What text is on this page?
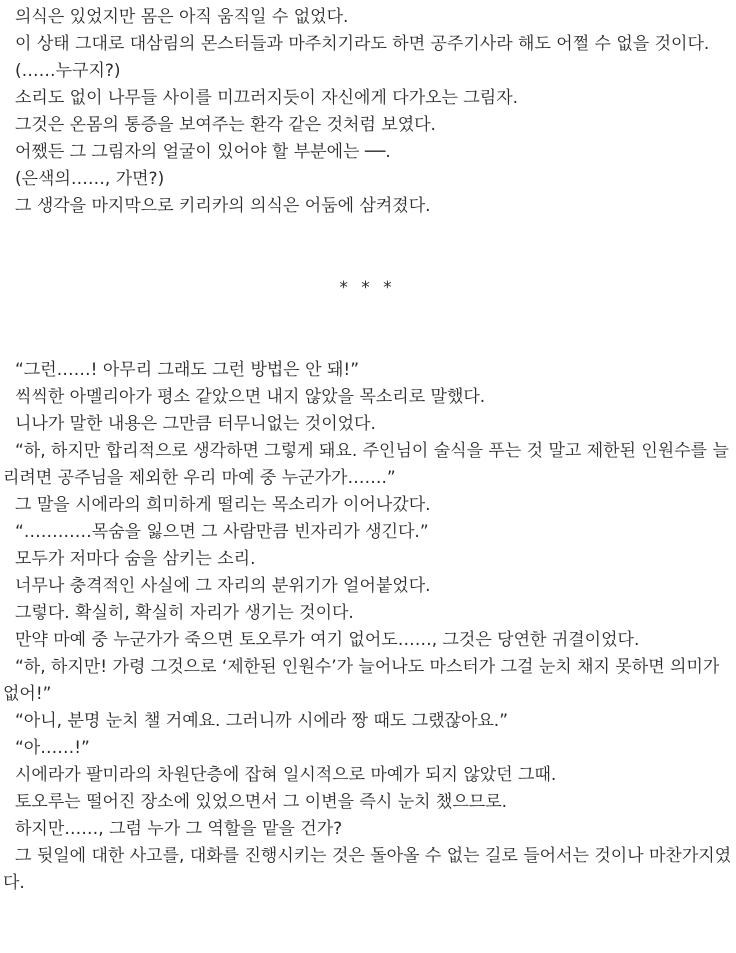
의식은 있었지만 몸은 아직 움직일 수 없었다.

이 상태 그대로 대삼림의 몬스터들과 마주치기라도 하면 공주기사라 해도 어쩔 수 없을 것이다.

(……누구지?)

소리도 없이 나무들 사이를 미끄러지듯이 자신에게 다가오는 그림자.

그것은 온몸의 통증을 보여주는 환각 같은 것처럼 보였다.

어쨌든 그 그림자의 얼굴이 있어야 할 부분에는 ──.

(은색의……, 가면?)

그 생각을 마지막으로 키리카의 의식은 어둠에 삼켜졌다.

* * *

“그런……! 아무리 그래도 그런 방법은 안 돼!”

씩씩한 아멜리아가 평소 같았으면 내지 않았을 목소리로 말했다.

니나가 말한 내용은 그만큼 터무니없는 것이었다.

“하, 하지만 합리적으로 생각하면 그렇게 돼요. 주인님이 술식을 푸는 것 말고 제한된 인원수를 늘리려면 공주님을 제외한 우리 마예 중 누군가가…….”

그 말을 시에라의 희미하게 떨리는 목소리가 이어나갔다.

“…………목숨을 잃으면 그 사람만큼 빈자리가 생긴다.”

모두가 저마다 숨을 삼키는 소리.

너무나 충격적인 사실에 그 자리의 분위기가 얼어붙었다.

그렇다. 확실히, 확실히 자리가 생기는 것이다.

만약 마예 중 누군가가 죽으면 토오루가 여기 없어도……, 그것은 당연한 귀결이었다.

“하, 하지만! 가령 그것으로 ‘제한된 인원수’가 늘어나도 마스터가 그걸 눈치 채지 못하면 의미가 없어!”

“아니, 분명 눈치 챌 거예요. 그러니까 시에라 짱 때도 그랬잖아요.”

“아……!”

시에라가 팔미라의 차원단층에 잡혀 일시적으로 마예가 되지 않았던 그때.

토오루는 떨어진 장소에 있었으면서 그 이변을 즉시 눈치 챘으므로.

하지만……, 그럼 누가 그 역할을 맡을 건가?

그 뒷일에 대한 사고를, 대화를 진행시키는 것은 돌아올 수 없는 길로 들어서는 것이나 마찬가지였다.
